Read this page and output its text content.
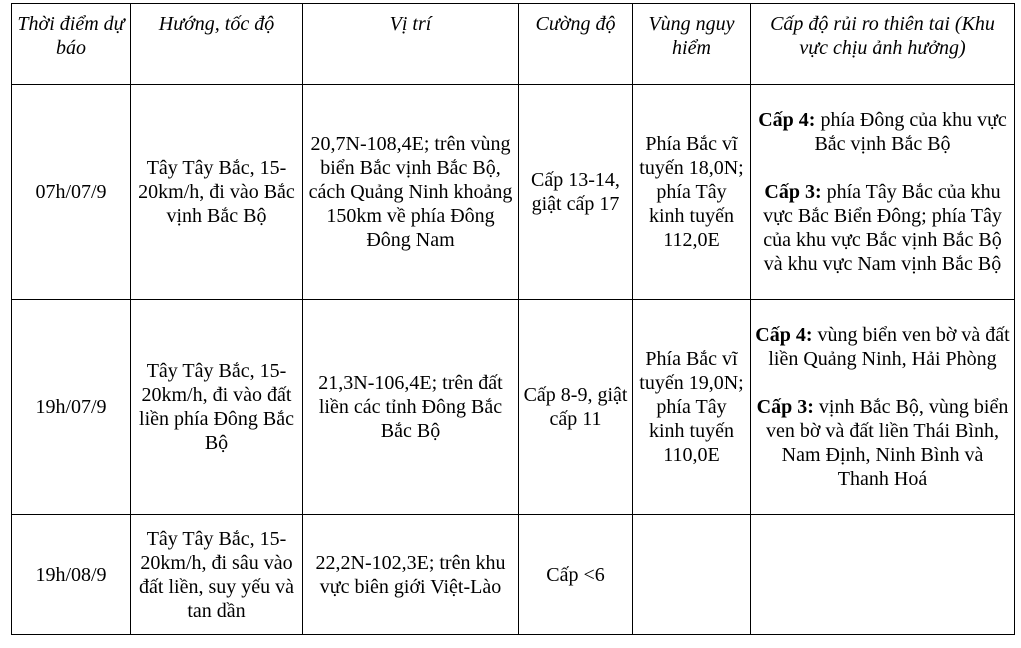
Thời điểm dự báo	Hướng, tốc độ	Vị trí	Cường độ	Vùng nguy hiểm	Cấp độ rủi ro thiên tai (Khu vực chịu ảnh hưởng)
07h/07/9	Tây Tây Bắc, 15-20km/h, đi vào Bắc vịnh Bắc Bộ	20,7N-108,4E; trên vùng biển Bắc vịnh Bắc Bộ, cách Quảng Ninh khoảng 150km về phía Đông Đông Nam	Cấp 13-14, giật cấp 17	Phía Bắc vĩ tuyến 18,0N; phía Tây kinh tuyến 112,0E	Cấp 4: phía Đông của khu vực Bắc vịnh Bắc Bộ
Cấp 3: phía Tây Bắc của khu vực Bắc Biển Đông; phía Tây của khu vực Bắc vịnh Bắc Bộ và khu vực Nam vịnh Bắc Bộ

19h/07/9	Tây Tây Bắc, 15-20km/h, đi vào đất liền phía Đông Bắc Bộ	21,3N-106,4E; trên đất liền các tỉnh Đông Bắc Bắc Bộ	Cấp 8-9, giật cấp 11	Phía Bắc vĩ tuyến 19,0N; phía Tây kinh tuyến 110,0E	Cấp 4: vùng biển ven bờ và đất liền Quảng Ninh, Hải Phòng
Cấp 3: vịnh Bắc Bộ, vùng biển ven bờ và đất liền Thái Bình, Nam Định, Ninh Bình và Thanh Hoá

19h/08/9	Tây Tây Bắc, 15-20km/h, đi sâu vào đất liền, suy yếu và tan dần	22,2N-102,3E; trên khu vực biên giới Việt-Lào	Cấp <6		
